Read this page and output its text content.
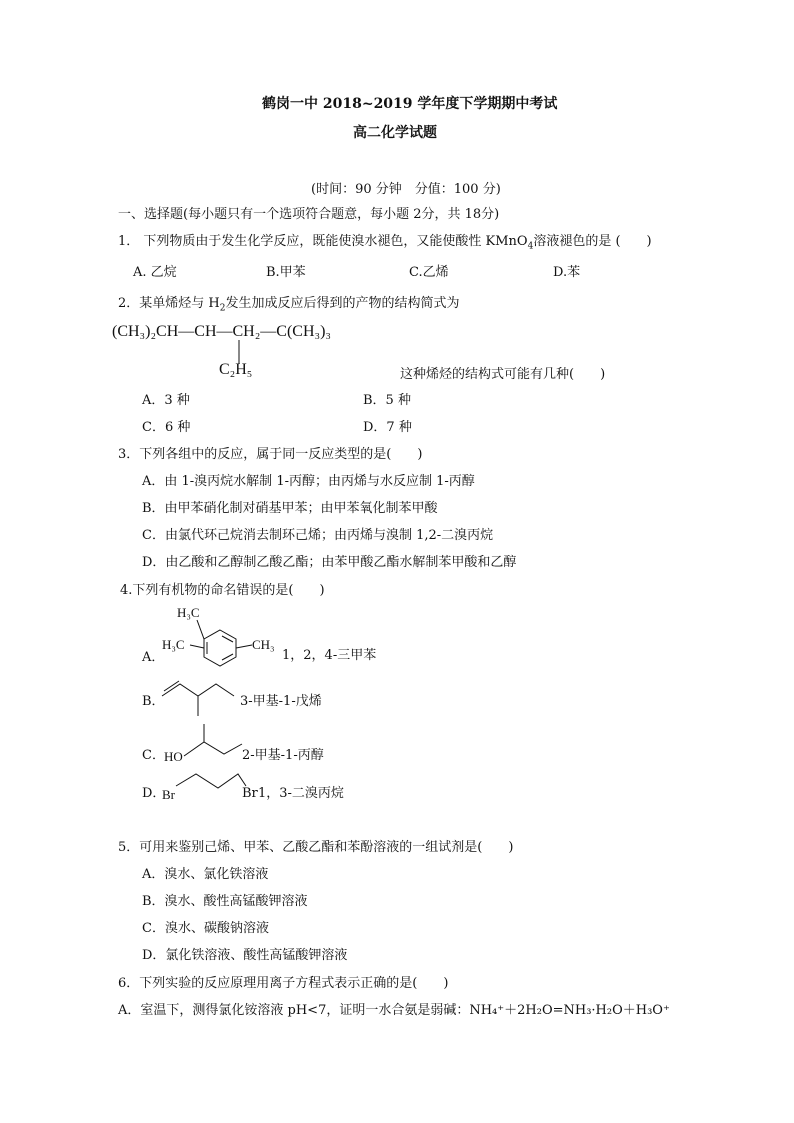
鹤岗一中 2018~2019 学年度下学期期中考试
高二化学试题
(时间：90 分钟　分值：100 分)
一、选择题(每小题只有一个选项符合题意，每小题 2分，共 18分)
1． 下列物质由于发生化学反应，既能使溴水褪色，又能使酸性 KMnO$_4$溶液褪色的是 (　　)
A. 乙烷	B.甲苯	C.乙烯	D.苯
2．某单烯烃与 $H_2$发生加成反应后得到的产物的结构简式为
(CH₃)₂CH—CH—CH₂—C(CH₃)₃
C₂H₅	这种烯烃的结构式可能有几种(　　)
A．3 种	B．5 种
C．6 种	D．7 种
3．下列各组中的反应，属于同一反应类型的是(　　)
A．由 1-溴丙烷水解制 1-丙醇；由丙烯与水反应制 1-丙醇
B．由甲苯硝化制对硝基甲苯；由甲苯氧化制苯甲酸
C．由氯代环己烷消去制环己烯；由丙烯与溴制 1,2-二溴丙烷
D．由乙酸和乙醇制乙酸乙酯；由苯甲酸乙酯水解制苯甲酸和乙醇
4.下列有机物的命名错误的是(　　)
A．
H₃C
H₃C	CH₃
1，2，4-三甲苯
B．	3-甲基-1-戊烯
C． HO	2-甲基-1-丙醇
D．
Br	Br 1，3-二溴丙烷
5．可用来鉴别己烯、甲苯、乙酸乙酯和苯酚溶液的一组试剂是(　　)
A．溴水、氯化铁溶液
B．溴水、酸性高锰酸钾溶液
C．溴水、碳酸钠溶液
D．氯化铁溶液、酸性高锰酸钾溶液
6．下列实验的反应原理用离子方程式表示正确的是(　　)
A．室温下，测得氯化铵溶液 pH<7，证明一水合氨是弱碱：NH₄⁺＋2H₂O=NH₃·H₂O＋H₃O⁺
